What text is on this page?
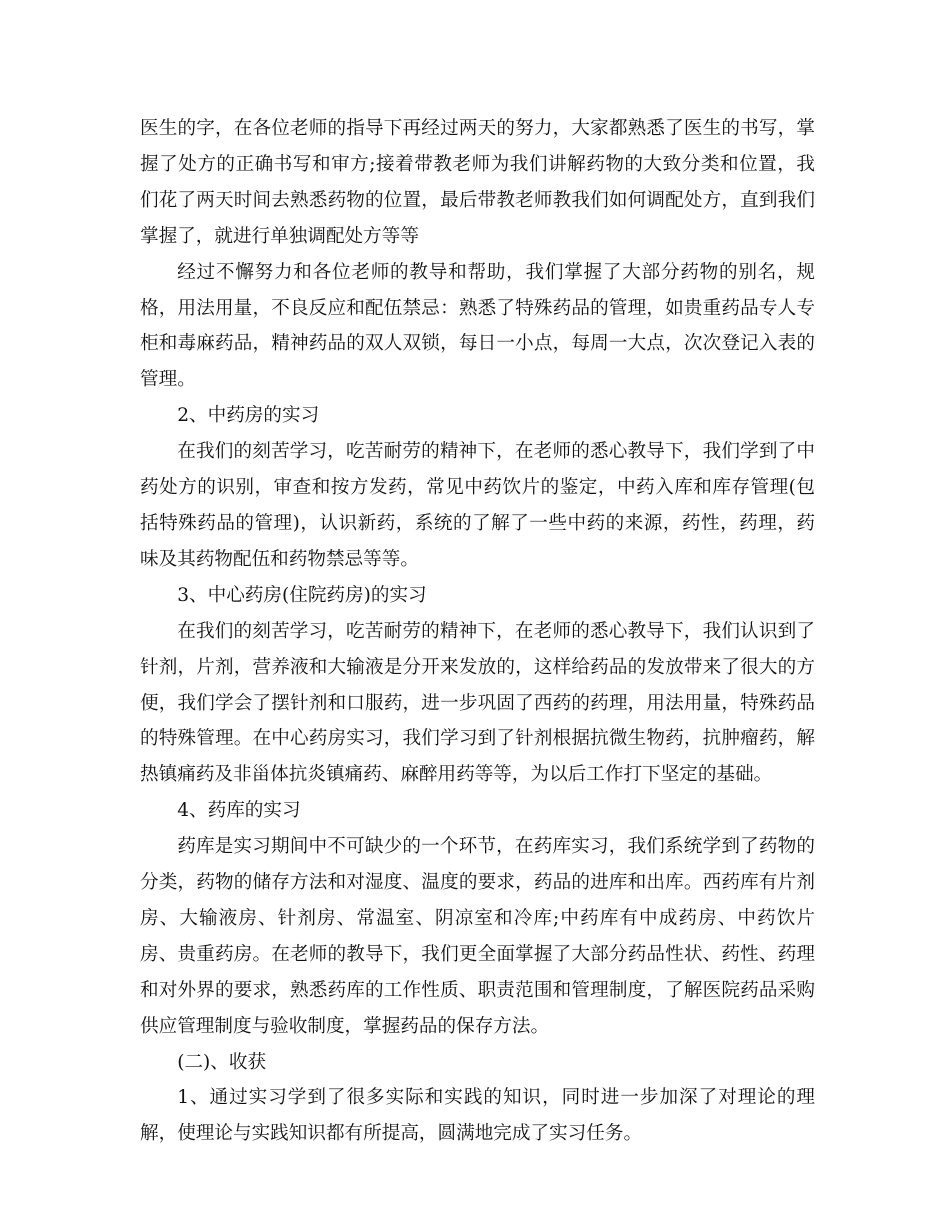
医生的字，在各位老师的指导下再经过两天的努力，大家都熟悉了医生的书写，掌握了处方的正确书写和审方;接着带教老师为我们讲解药物的大致分类和位置，我们花了两天时间去熟悉药物的位置，最后带教老师教我们如何调配处方，直到我们掌握了，就进行单独调配处方等等

经过不懈努力和各位老师的教导和帮助，我们掌握了大部分药物的别名，规格，用法用量，不良反应和配伍禁忌：熟悉了特殊药品的管理，如贵重药品专人专柜和毒麻药品，精神药品的双人双锁，每日一小点，每周一大点，次次登记入表的管理。

2、中药房的实习

在我们的刻苦学习，吃苦耐劳的精神下，在老师的悉心教导下，我们学到了中药处方的识别，审查和按方发药，常见中药饮片的鉴定，中药入库和库存管理(包括特殊药品的管理)，认识新药，系统的了解了一些中药的来源，药性，药理，药味及其药物配伍和药物禁忌等等。

3、中心药房(住院药房)的实习

在我们的刻苦学习，吃苦耐劳的精神下，在老师的悉心教导下，我们认识到了针剂，片剂，营养液和大输液是分开来发放的，这样给药品的发放带来了很大的方便，我们学会了摆针剂和口服药，进一步巩固了西药的药理，用法用量，特殊药品的特殊管理。在中心药房实习，我们学习到了针剂根据抗微生物药，抗肿瘤药，解热镇痛药及非甾体抗炎镇痛药、麻醉用药等等，为以后工作打下坚定的基础。

4、药库的实习

药库是实习期间中不可缺少的一个环节，在药库实习，我们系统学到了药物的分类，药物的储存方法和对湿度、温度的要求，药品的进库和出库。西药库有片剂房、大输液房、针剂房、常温室、阴凉室和冷库;中药库有中成药房、中药饮片房、贵重药房。在老师的教导下，我们更全面掌握了大部分药品性状、药性、药理和对外界的要求，熟悉药库的工作性质、职责范围和管理制度，了解医院药品采购供应管理制度与验收制度，掌握药品的保存方法。

(二)、收获

1、通过实习学到了很多实际和实践的知识，同时进一步加深了对理论的理解，使理论与实践知识都有所提高，圆满地完成了实习任务。
